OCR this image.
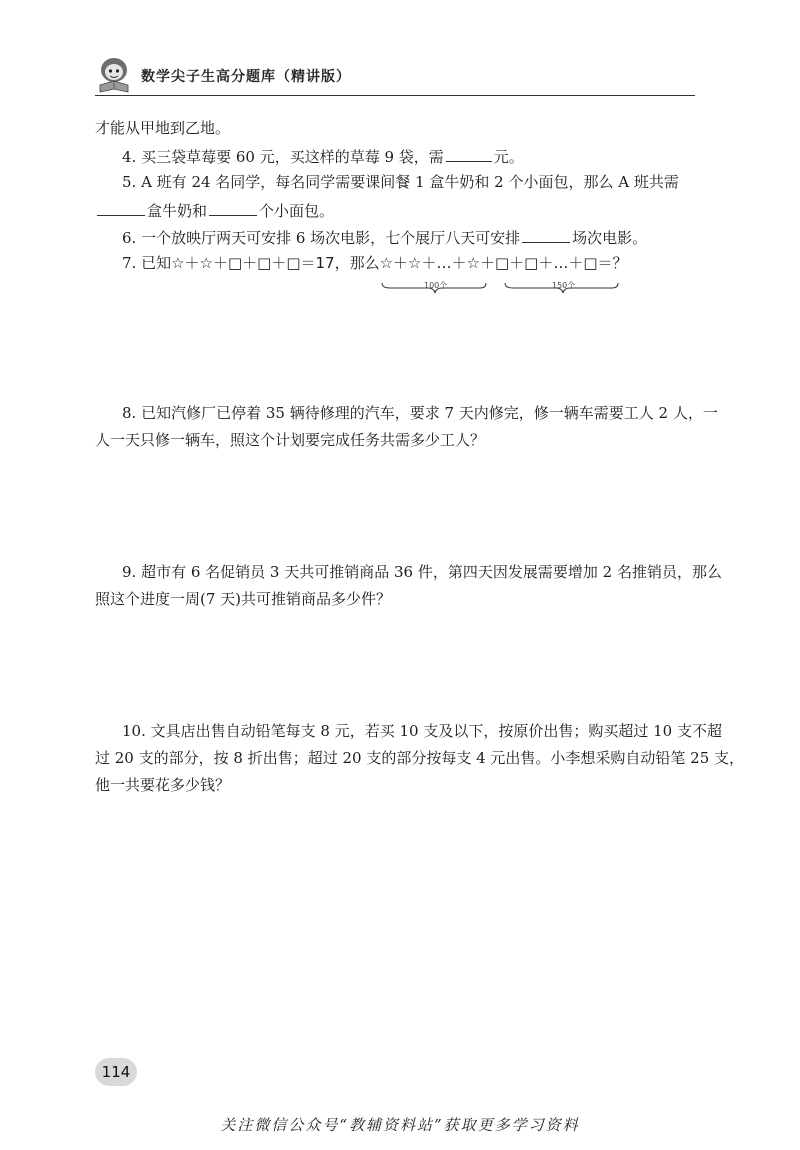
数学尖子生高分题库（精讲版）
才能从甲地到乙地。
4. 买三袋草莓要 60 元，买这样的草莓 9 袋，需	元。
5. A 班有 24 名同学，每名同学需要课间餐 1 盒牛奶和 2 个小面包，那么 A 班共需
盒牛奶和	个小面包。
6. 一个放映厅两天可安排 6 场次电影，七个展厅八天可安排	场次电影。
7. 已知☆＋☆＋□＋□＋□＝17，那么☆＋☆＋…＋☆＋□＋□＋…＋□＝？
100个	150个
8. 已知汽修厂已停着 35 辆待修理的汽车，要求 7 天内修完，修一辆车需要工人 2 人，一
人一天只修一辆车，照这个计划要完成任务共需多少工人？
9. 超市有 6 名促销员 3 天共可推销商品 36 件，第四天因发展需要增加 2 名推销员，那么
照这个进度一周(7 天)共可推销商品多少件？
10. 文具店出售自动铅笔每支 8 元，若买 10 支及以下，按原价出售；购买超过 10 支不超
过 20 支的部分，按 8 折出售；超过 20 支的部分按每支 4 元出售。小李想采购自动铅笔 25 支，
他一共要花多少钱？
114
关注微信公众号“教辅资料站”获取更多学习资料
